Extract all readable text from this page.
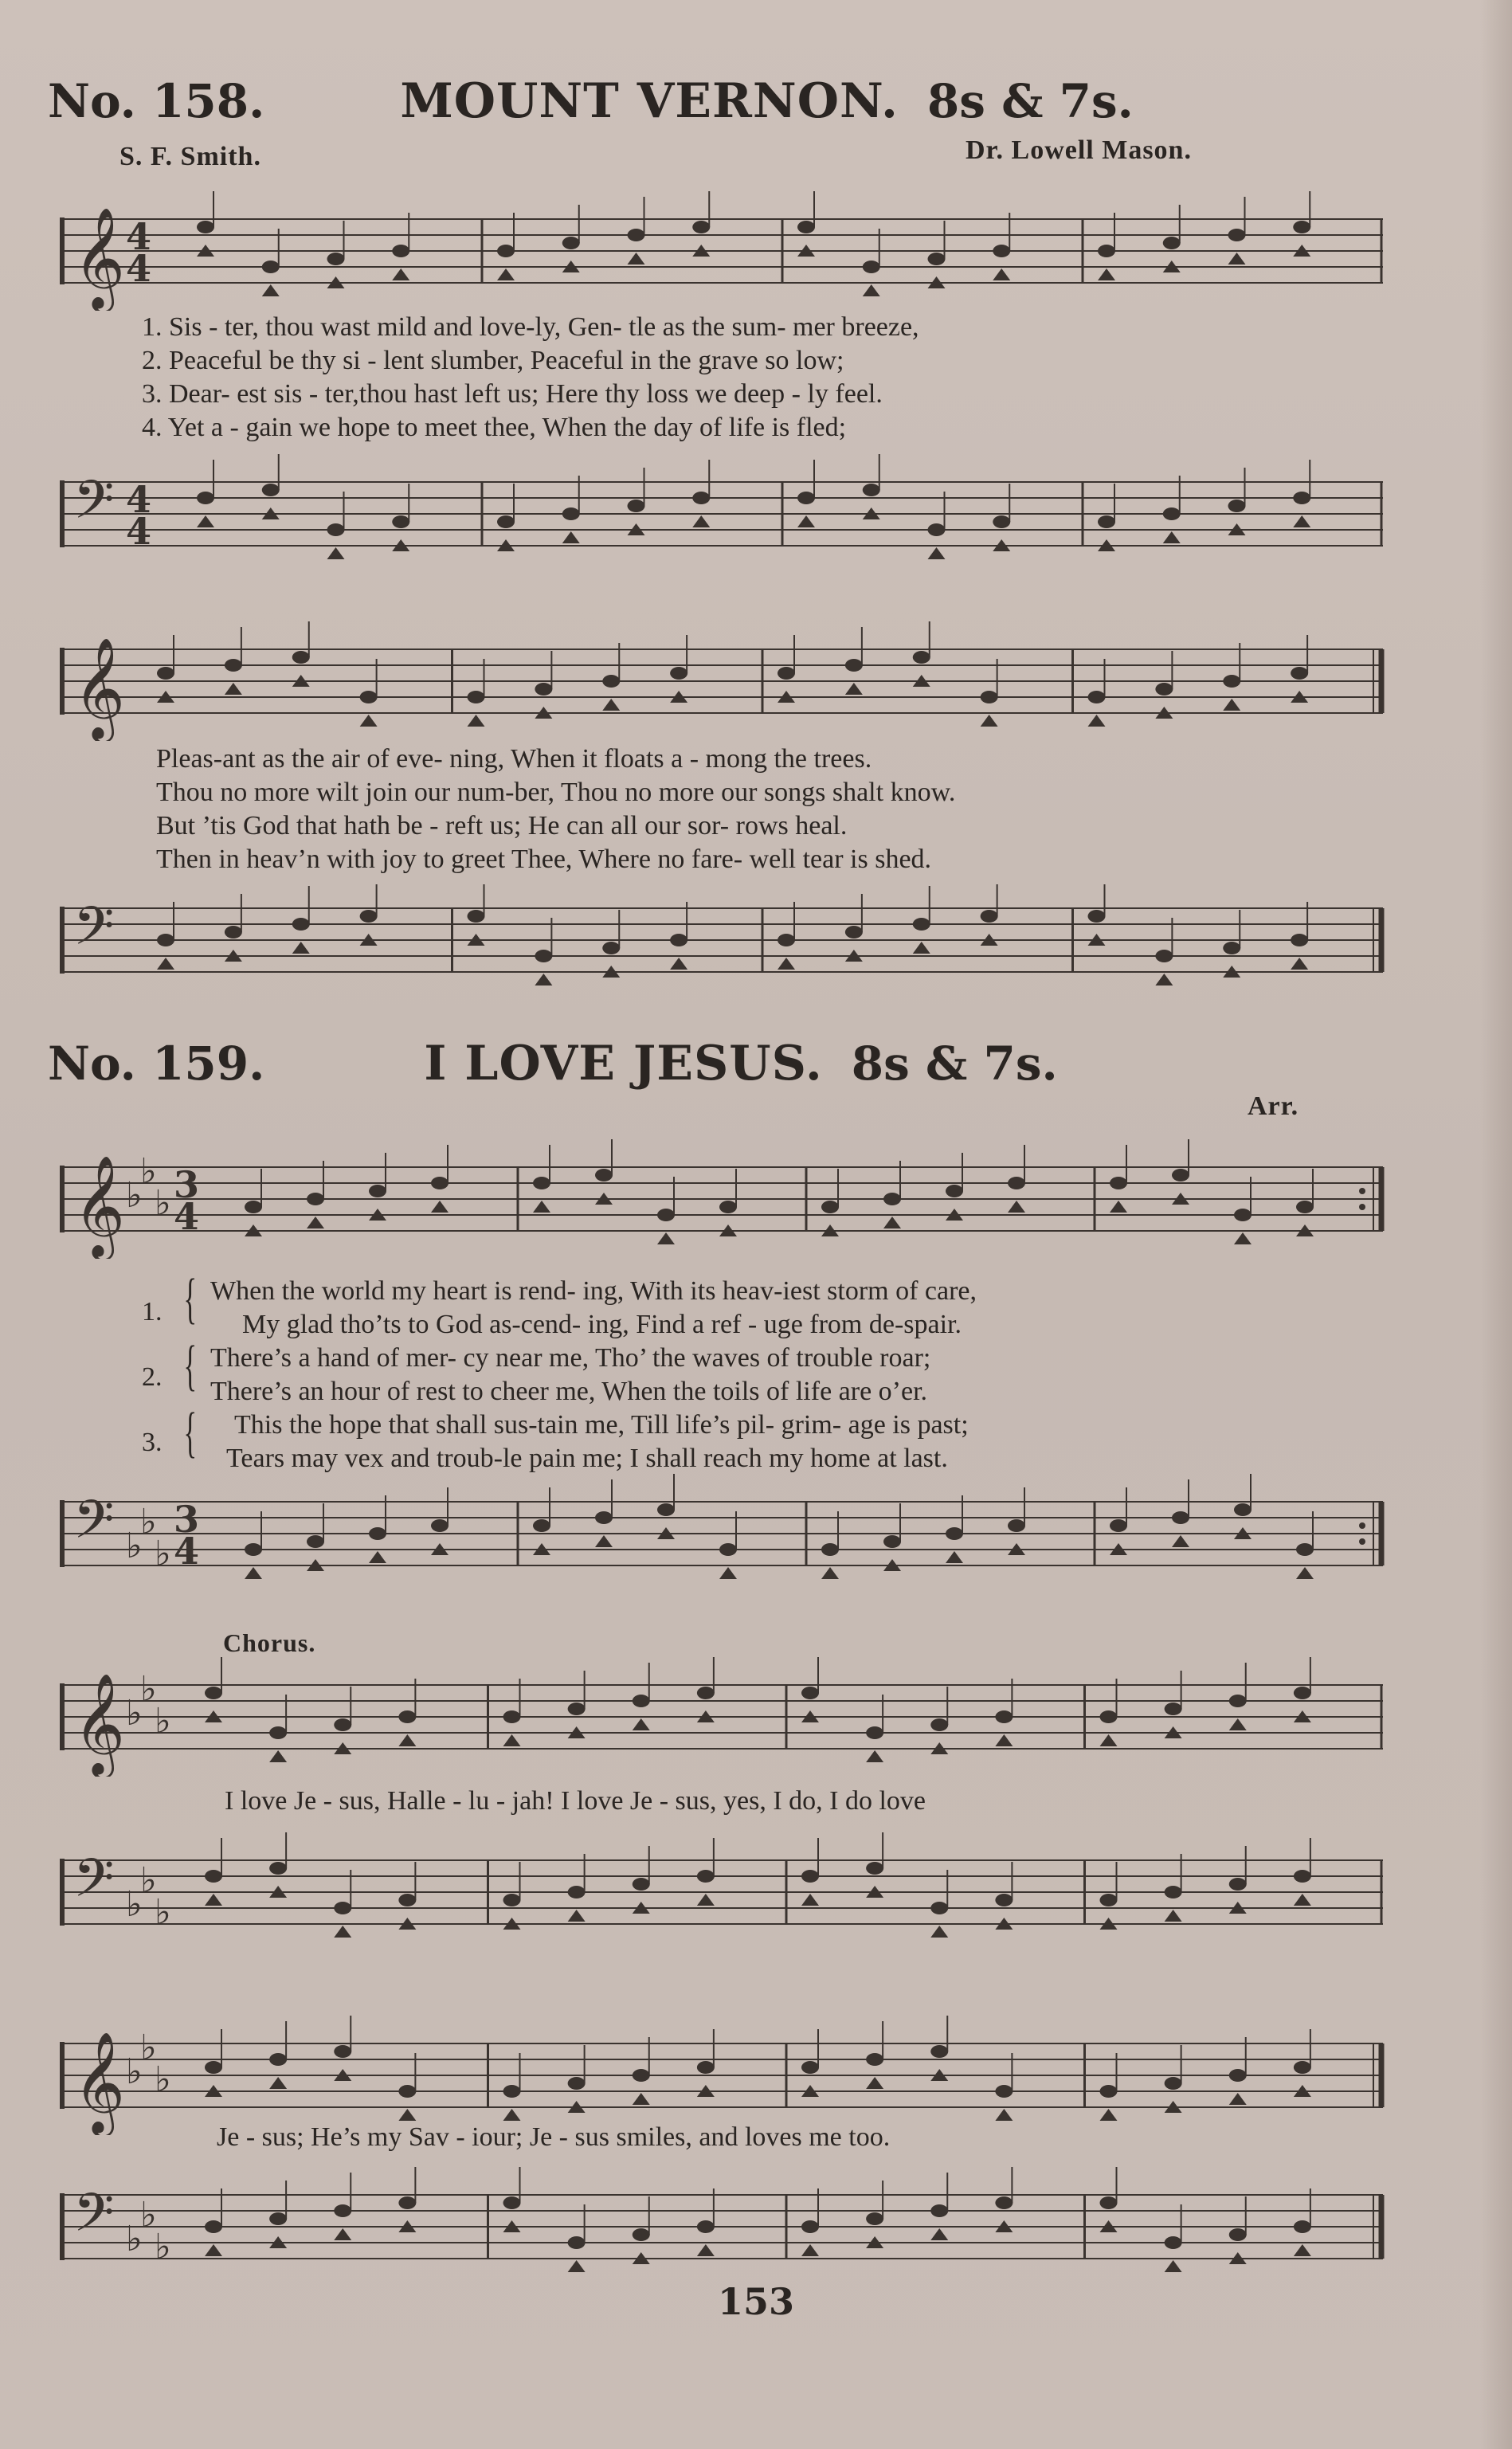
No. 158.	MOUNT VERNON. 8s & 7s.
S. F. Smith.	Dr. Lowell Mason.
𝄞 4
4
1. Sis - ter, thou wast mild and love-ly, Gen- tle as the sum- mer breeze,
2. Peaceful be thy si - lent slumber, Peaceful in the grave so low;
3. Dear- est sis - ter,thou hast left us; Here thy loss we deep - ly feel.
4. Yet a - gain we hope to meet thee, When the day of life is fled;
𝄢 4
4
𝄞
Pleas-ant as the air of eve- ning, When it floats a - mong the trees.
Thou no more wilt join our num-ber, Thou no more our songs shalt know.
But ’tis God that hath be - reft us; He can all our sor- rows heal.
Then in heav’n with joy to greet Thee, Where no fare- well tear is shed.
𝄢
No. 159.	I LOVE JESUS. 8s & 7s.
Arr.
𝄞 ♭
♭
♭ 3
4
1. { When the world my heart is rend- ing, With its heav-iest storm of care,
My glad tho’ts to God as-cend- ing, Find a ref - uge from de-spair.
2. { There’s a hand of mer- cy near me, Tho’ the waves of trouble roar;
There’s an hour of rest to cheer me, When the toils of life are o’er.
3. { This the hope that shall sus-tain me, Till life’s pil- grim- age is past;
Tears may vex and troub-le pain me; I shall reach my home at last.
𝄢 ♭
♭
♭
3
4
Chorus.
𝄞 ♭
♭
♭
I love Je - sus, Halle - lu - jah! I love Je - sus, yes, I do, I do love
𝄢 ♭
♭
♭
𝄞 ♭
♭
♭
Je - sus; He’s my Sav - iour; Je - sus smiles, and loves me too.
𝄢 ♭
♭
♭
153
